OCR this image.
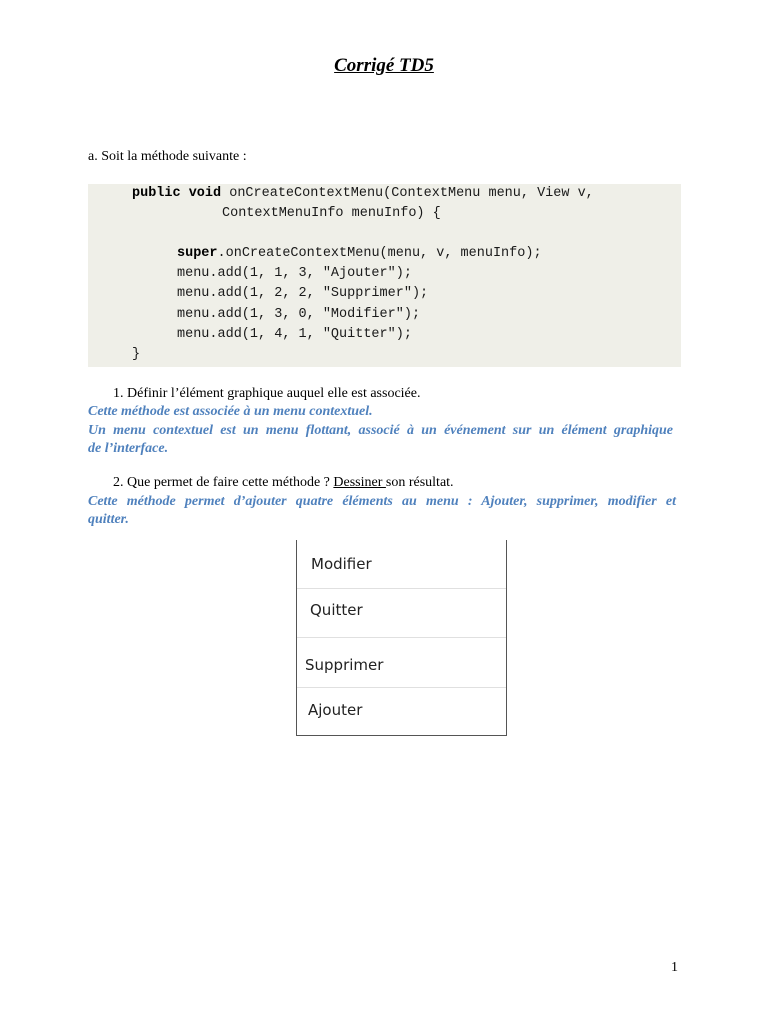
Corrigé TD5
a. Soit la méthode suivante :
public void onCreateContextMenu(ContextMenu menu, View v,
ContextMenuInfo menuInfo) {
super.onCreateContextMenu(menu, v, menuInfo);
menu.add(1, 1, 3, "Ajouter");
menu.add(1, 2, 2, "Supprimer");
menu.add(1, 3, 0, "Modifier");
menu.add(1, 4, 1, "Quitter");
}
1. Définir l’élément graphique auquel elle est associée.
Cette méthode est associée à un menu contextuel.
Un menu contextuel est un menu flottant, associé à un événement sur un élément graphique
de l’interface.
2. Que permet de faire cette méthode ? Dessiner son résultat.
Cette méthode permet d’ajouter quatre éléments au menu : Ajouter, supprimer, modifier et
quitter.
Modifier
Quitter
Supprimer
Ajouter
1
